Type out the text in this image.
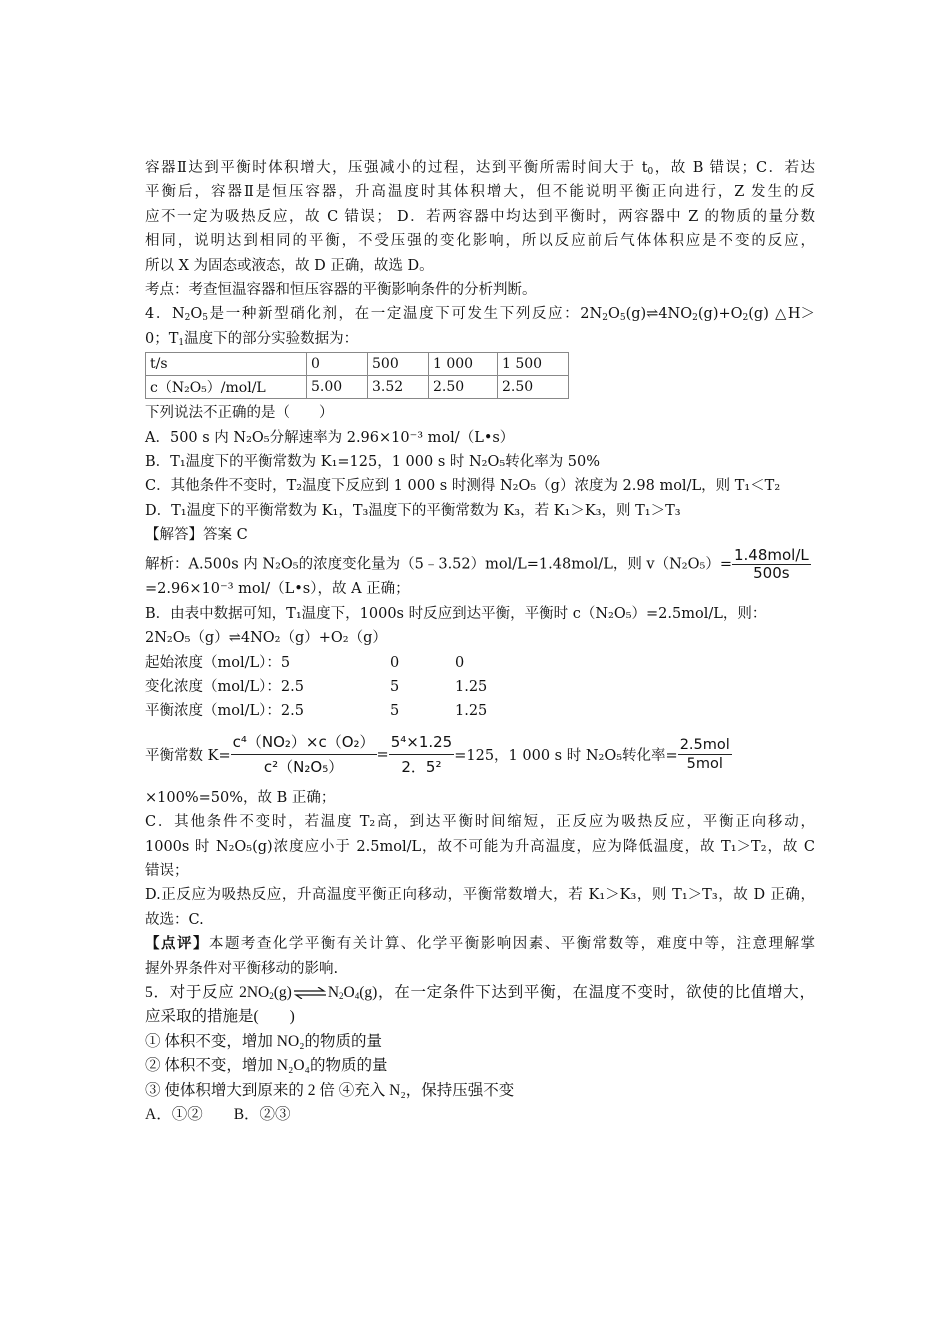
容器Ⅱ达到平衡时体积增大，压强减小的过程，达到平衡所需时间大于 $t_0$，故 B 错误；C．若达
平衡后，容器Ⅱ是恒压容器，升高温度时其体积增大，但不能说明平衡正向进行，Z 发生的反
应不一定为吸热反应，故 C 错误； D．若两容器中均达到平衡时，两容器中 Z 的物质的量分数
相同，说明达到相同的平衡，不受压强的变化影响，所以反应前后气体体积应是不变的反应，
所以 X 为固态或液态，故 D 正确，故选 D。
考点：考查恒温容器和恒压容器的平衡影响条件的分析判断。
4．$N_2O_5$是一种新型硝化剂，在一定温度下可发生下列反应：$2N_2O_5(g)\rightleftharpoons 4NO_2(g)+O_2(g)$ △H＞
0；$T_1$温度下的部分实验数据为：
t/s	0	500	1 000	1 500
c（N₂O₅）/mol/L	5.00	3.52	2.50	2.50
下列说法不正确的是（　　）
A．500 s 内 N₂O₅分解速率为 2.96×10⁻³ mol/（L•s）
B．T₁温度下的平衡常数为 K₁=125，1 000 s 时 N₂O₅转化率为 50%
C．其他条件不变时，T₂温度下反应到 1 000 s 时测得 N₂O₅（g）浓度为 2.98 mol/L，则 T₁＜T₂
D．T₁温度下的平衡常数为 K₁，T₃温度下的平衡常数为 K₃，若 K₁＞K₃，则 T₁＞T₃
【解答】答案 C
解析：A.500s 内 N₂O₅的浓度变化量为（5﹣3.52）mol/L=1.48mol/L，则 $v(N_2O_5)= \frac{\text{1.48mol/L}}{500s}$
=2.96×10⁻³ mol/（L•s），故 A 正确；
B．由表中数据可知，T₁温度下，1000s 时反应到达平衡，平衡时 c（N₂O₅）=2.5mol/L，则：
2N₂O₅（g）⇌4NO₂（g）+O₂（g）
起始浓度（mol/L）：5	0	0
变化浓度（mol/L）：2.5	5	1.25
平衡浓度（mol/L）：2.5	5	1.25
平衡常数 $K= \frac{\text{c⁴（NO₂）×c（O₂）}}{\text{c²（N₂O₅）}} = \frac{\text{5⁴×1.25}}{\text{2．5²}} =125$，1 000 s 时 N₂O₅转化率= $\frac{\text{2.5mol}}{\text{5mol}}$
×100%=50%，故 B 正确；
C．其他条件不变时，若温度 T₂高，到达平衡时间缩短，正反应为吸热反应，平衡正向移动，
1000s 时 N₂O₅(g)浓度应小于 2.5mol/L，故不可能为升高温度，应为降低温度，故 T₁＞T₂，故 C
错误；
D.正反应为吸热反应，升高温度平衡正向移动，平衡常数增大，若 K₁＞K₃，则 T₁＞T₃，故 D 正确，
故选：C.
【点评】本题考查化学平衡有关计算、化学平衡影响因素、平衡常数等，难度中等，注意理解掌
握外界条件对平衡移动的影响.
5．对于反应 $2NO_2(g)\rightleftharpoons N_2O_4(g)$，在一定条件下达到平衡，在温度不变时，欲使的比值增大，
应采取的措施是(　　)
① 体积不变，增加 NO₂的物质的量
② 体积不变，增加 N₂O₄的物质的量
③ 使体积增大到原来的 2 倍 ④充入 N₂，保持压强不变
A．①②　　B．②③
